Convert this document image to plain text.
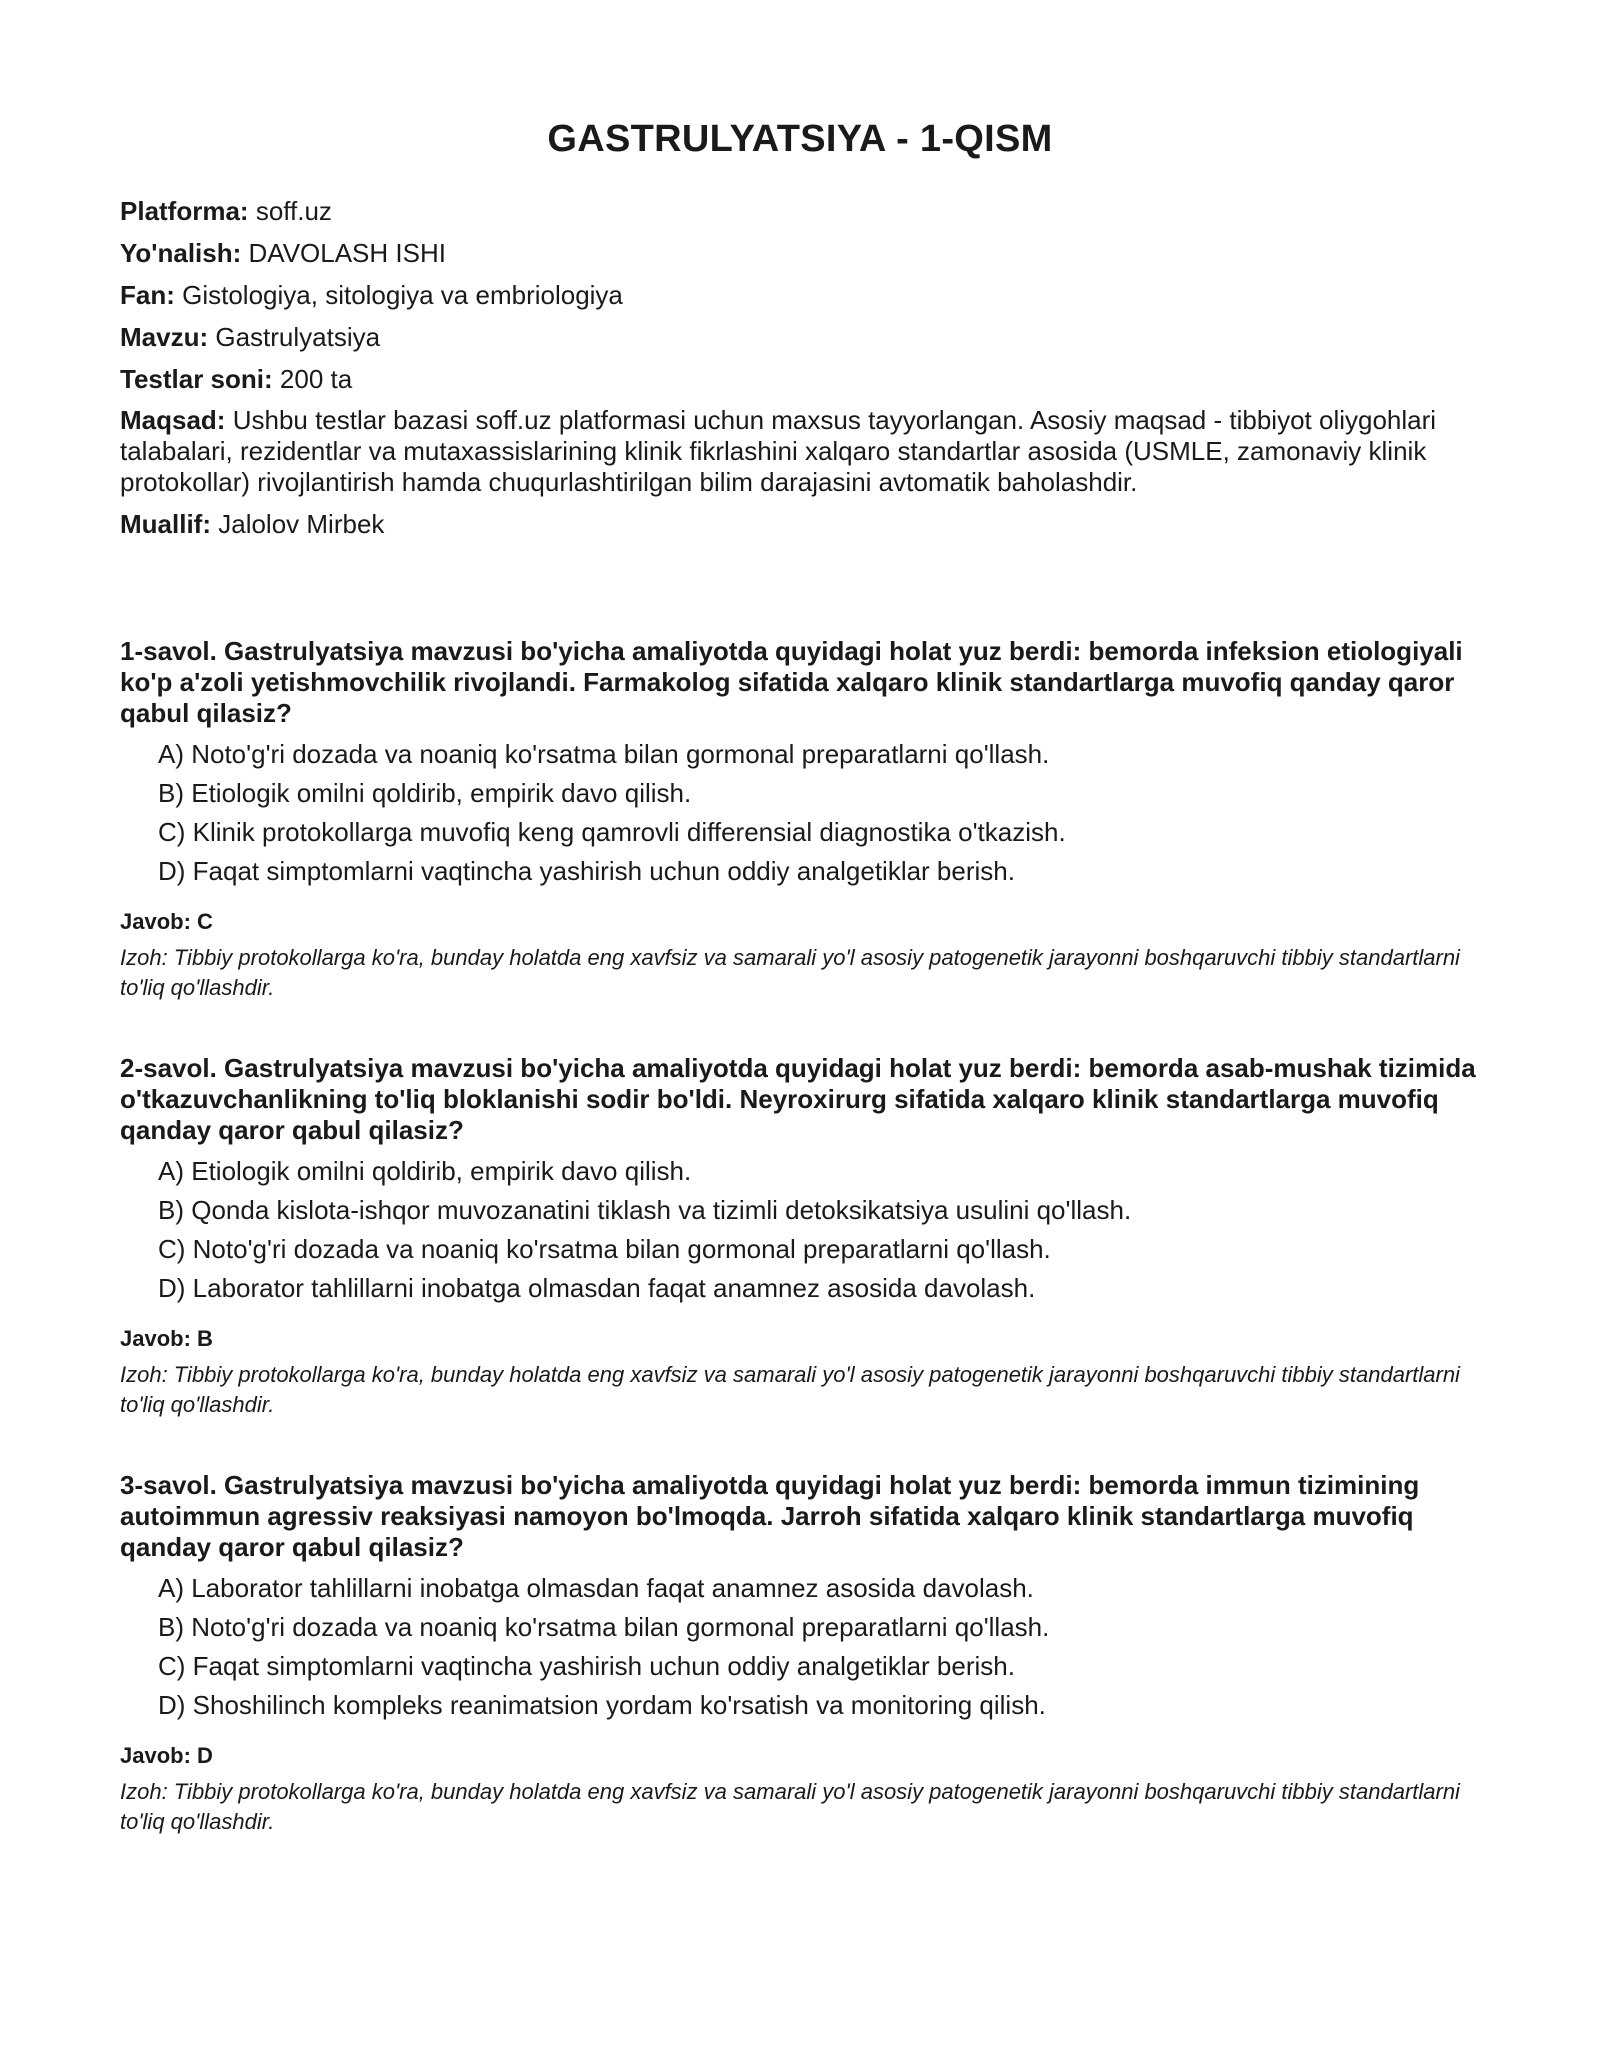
GASTRULYATSIYA - 1-QISM

Platforma: soff.uz

Yo'nalish: DAVOLASH ISHI

Fan: Gistologiya, sitologiya va embriologiya

Mavzu: Gastrulyatsiya

Testlar soni: 200 ta

Maqsad: Ushbu testlar bazasi soff.uz platformasi uchun maxsus tayyorlangan. Asosiy maqsad - tibbiyot oliygohlari talabalari, rezidentlar va mutaxassislarining klinik fikrlashini xalqaro standartlar asosida (USMLE, zamonaviy klinik protokollar) rivojlantirish hamda chuqurlashtirilgan bilim darajasini avtomatik baholashdir.

Muallif: Jalolov Mirbek

1-savol. Gastrulyatsiya mavzusi bo'yicha amaliyotda quyidagi holat yuz berdi: bemorda infeksion etiologiyali ko'p a'zoli yetishmovchilik rivojlandi. Farmakolog sifatida xalqaro klinik standartlarga muvofiq qanday qaror qabul qilasiz?

A) Noto'g'ri dozada va noaniq ko'rsatma bilan gormonal preparatlarni qo'llash.

B) Etiologik omilni qoldirib, empirik davo qilish.

C) Klinik protokollarga muvofiq keng qamrovli differensial diagnostika o'tkazish.

D) Faqat simptomlarni vaqtincha yashirish uchun oddiy analgetiklar berish.

Javob: C

Izoh: Tibbiy protokollarga ko'ra, bunday holatda eng xavfsiz va samarali yo'l asosiy patogenetik jarayonni boshqaruvchi tibbiy standartlarni to'liq qo'llashdir.

2-savol. Gastrulyatsiya mavzusi bo'yicha amaliyotda quyidagi holat yuz berdi: bemorda asab-mushak tizimida o'tkazuvchanlikning to'liq bloklanishi sodir bo'ldi. Neyroxirurg sifatida xalqaro klinik standartlarga muvofiq qanday qaror qabul qilasiz?

A) Etiologik omilni qoldirib, empirik davo qilish.

B) Qonda kislota-ishqor muvozanatini tiklash va tizimli detoksikatsiya usulini qo'llash.

C) Noto'g'ri dozada va noaniq ko'rsatma bilan gormonal preparatlarni qo'llash.

D) Laborator tahlillarni inobatga olmasdan faqat anamnez asosida davolash.

Javob: B

Izoh: Tibbiy protokollarga ko'ra, bunday holatda eng xavfsiz va samarali yo'l asosiy patogenetik jarayonni boshqaruvchi tibbiy standartlarni to'liq qo'llashdir.

3-savol. Gastrulyatsiya mavzusi bo'yicha amaliyotda quyidagi holat yuz berdi: bemorda immun tizimining autoimmun agressiv reaksiyasi namoyon bo'lmoqda. Jarroh sifatida xalqaro klinik standartlarga muvofiq qanday qaror qabul qilasiz?

A) Laborator tahlillarni inobatga olmasdan faqat anamnez asosida davolash.

B) Noto'g'ri dozada va noaniq ko'rsatma bilan gormonal preparatlarni qo'llash.

C) Faqat simptomlarni vaqtincha yashirish uchun oddiy analgetiklar berish.

D) Shoshilinch kompleks reanimatsion yordam ko'rsatish va monitoring qilish.

Javob: D

Izoh: Tibbiy protokollarga ko'ra, bunday holatda eng xavfsiz va samarali yo'l asosiy patogenetik jarayonni boshqaruvchi tibbiy standartlarni to'liq qo'llashdir.
